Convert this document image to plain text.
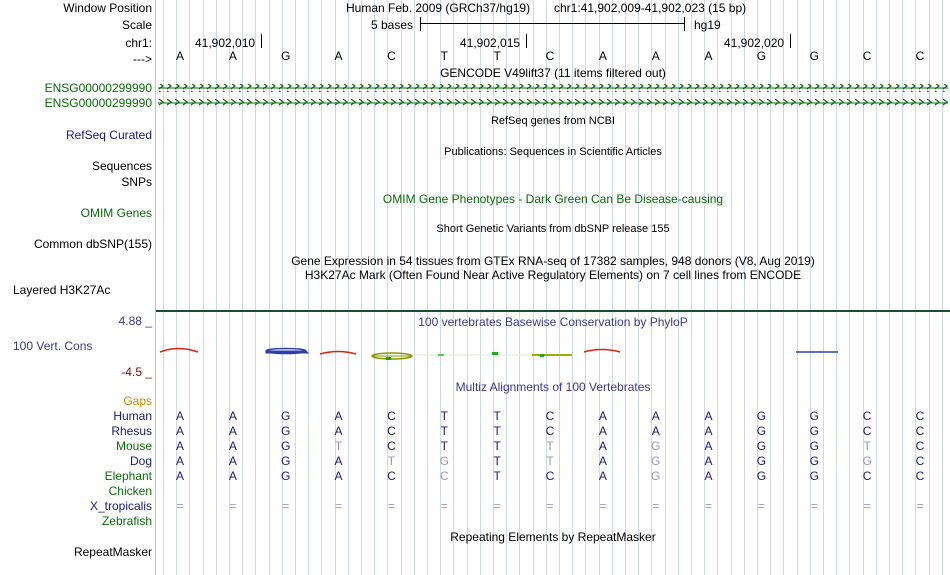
Window Position
Scale
chr1:
--->
Human Feb. 2009 (GRCh37/hg19) chr1:41,902,009-41,902,023 (15 bp)
5 bases	hg19
41,902,010	41,902,015	41,902,020
A	A	G	A	C	T	T	C	A	A	A	G	G	C	C
GENCODE V49lift37 (11 items filtered out)
ENSG00000299990
ENSG00000299990
RefSeq genes from NCBI
RefSeq Curated
Publications: Sequences in Scientific Articles
Sequences
SNPs
OMIM Gene Phenotypes - Dark Green Can Be Disease-causing
OMIM Genes
Short Genetic Variants from dbSNP release 155
Common dbSNP(155)
Gene Expression in 54 tissues from GTEx RNA-seq of 17382 samples, 948 donors (V8, Aug 2019)
H3K27Ac Mark (Often Found Near Active Regulatory Elements) on 7 cell lines from ENCODE
Layered H3K27Ac
4.88 _
100 Vert. Cons
-4.5 _
100 vertebrates Basewise Conservation by PhyloP
Multiz Alignments of 100 Vertebrates
Gaps
Human A	A	G	A	C	T	T	C	A	A	A	G	G	C	C
Rhesus A	A	G	A	C	T	T	C	A	A	A	G	G	C	C
Mouse A	A	G	T	C	T	T	T	A	G	A	G	G	T	C
Dog A	A	G	A	T	G	T	T	A	G	A	G	G	G	C
Elephant A	A	G	A	C	C	T	C	A	G	A	G	G	C	C
Chicken
X_tropicalis =	=	=	=	=	=	=	=	=	=	=	=	=	=	=
Zebrafish
Repeating Elements by RepeatMasker
RepeatMasker
